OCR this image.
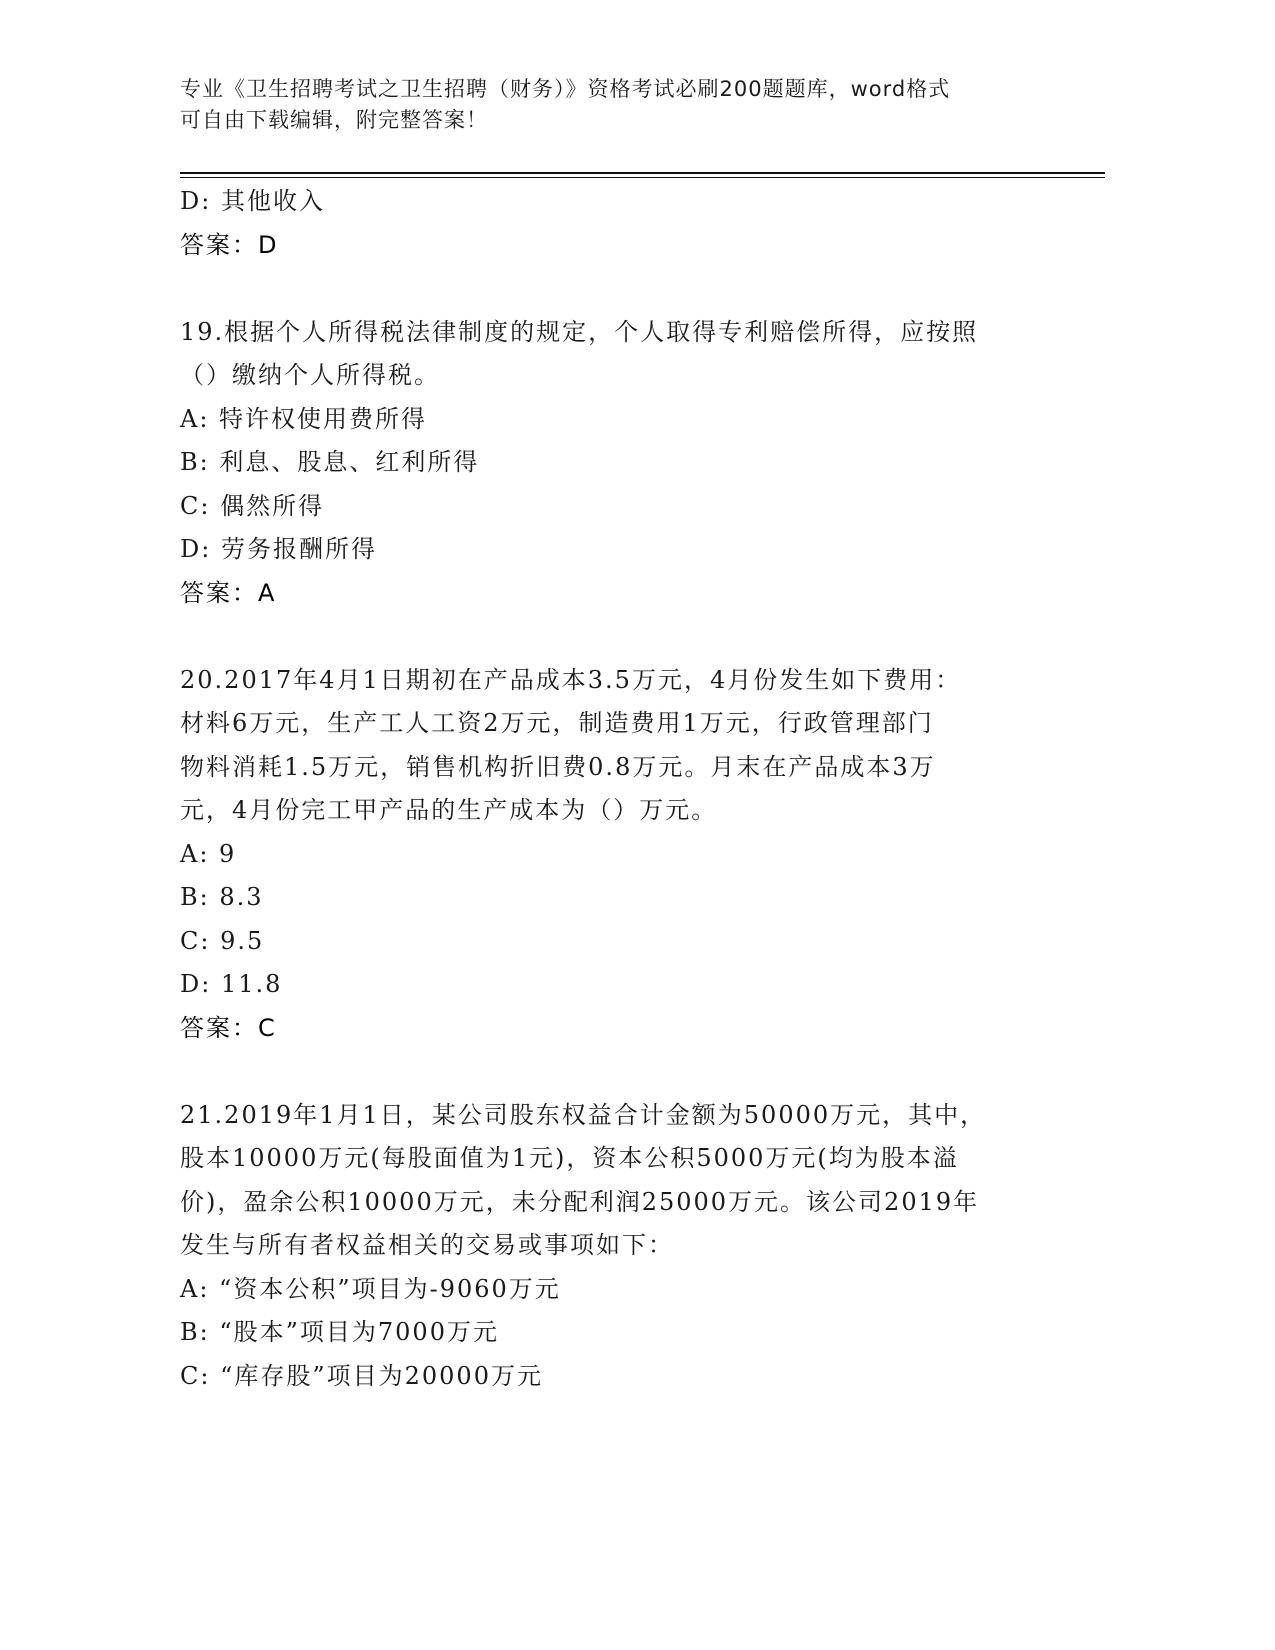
专业《卫生招聘考试之卫生招聘（财务）》资格考试必刷200题题库，word格式
可自由下载编辑，附完整答案！
D: 其他收入
答案：D
19.根据个人所得税法律制度的规定，个人取得专利赔偿所得，应按照
（）缴纳个人所得税。
A: 特许权使用费所得
B: 利息、股息、红利所得
C: 偶然所得
D: 劳务报酬所得
答案：A
20.2017年4月1日期初在产品成本3.5万元，4月份发生如下费用：
材料6万元，生产工人工资2万元，制造费用1万元，行政管理部门
物料消耗1.5万元，销售机构折旧费0.8万元。月末在产品成本3万
元，4月份完工甲产品的生产成本为（）万元。
A: 9
B: 8.3
C: 9.5
D: 11.8
答案：C
21.2019年1月1日，某公司股东权益合计金额为50000万元，其中，
股本10000万元(每股面值为1元)，资本公积5000万元(均为股本溢
价)，盈余公积10000万元，未分配利润25000万元。该公司2019年
发生与所有者权益相关的交易或事项如下：
A: “资本公积”项目为-9060万元
B: “股本”项目为7000万元
C: “库存股”项目为20000万元
